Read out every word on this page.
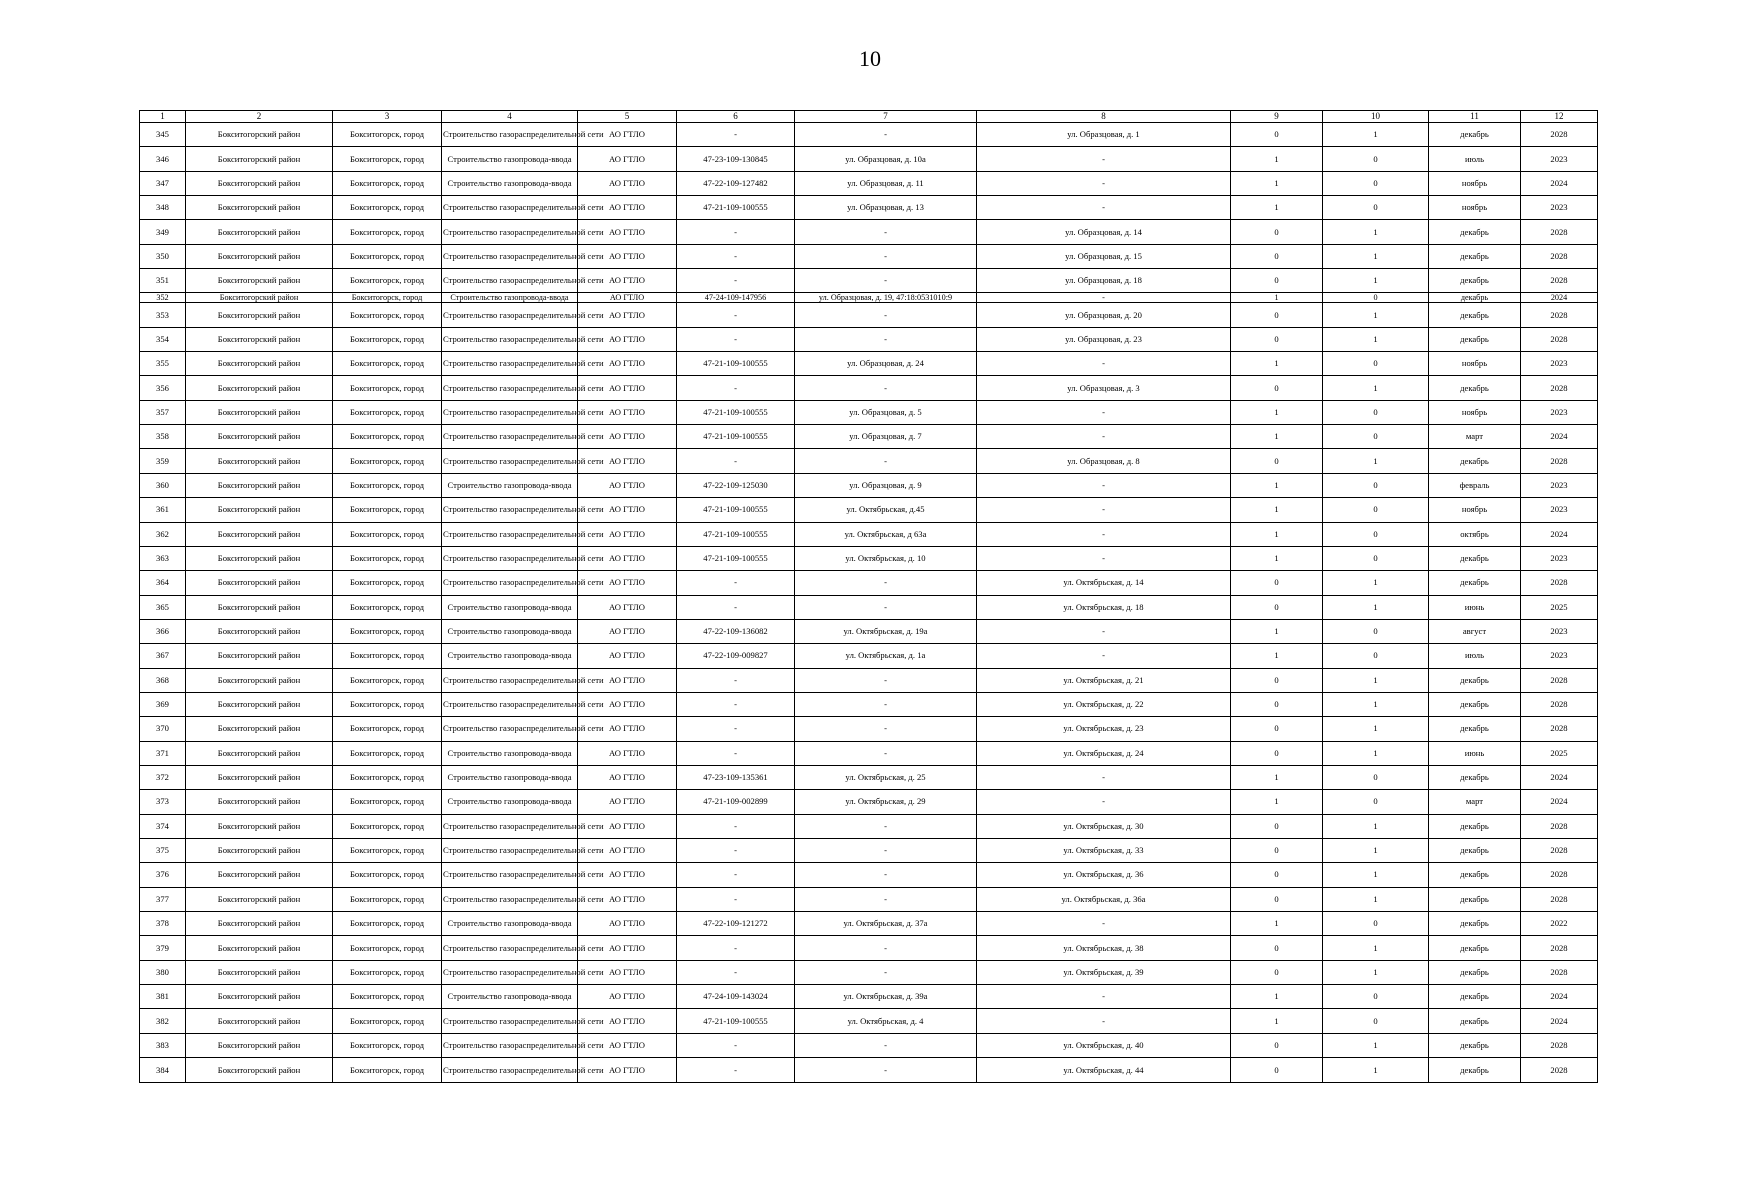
10
1	2	3	4	5	6	7	8	9	10	11	12
345	Бокситогорский район	Бокситогорск, город	Строительство газораспределительной сети	АО ГТЛО	-	-	ул. Образцовая, д. 1	0	1	декабрь	2028
346	Бокситогорский район	Бокситогорск, город	Строительство газопровода-ввода	АО ГТЛО	47-23-109-130845	ул. Образцовая, д. 10а	-	1	0	июль	2023
347	Бокситогорский район	Бокситогорск, город	Строительство газопровода-ввода	АО ГТЛО	47-22-109-127482	ул. Образцовая, д. 11	-	1	0	ноябрь	2024
348	Бокситогорский район	Бокситогорск, город	Строительство газораспределительной сети	АО ГТЛО	47-21-109-100555	ул. Образцовая, д. 13	-	1	0	ноябрь	2023
349	Бокситогорский район	Бокситогорск, город	Строительство газораспределительной сети	АО ГТЛО	-	-	ул. Образцовая, д. 14	0	1	декабрь	2028
350	Бокситогорский район	Бокситогорск, город	Строительство газораспределительной сети	АО ГТЛО	-	-	ул. Образцовая, д. 15	0	1	декабрь	2028
351	Бокситогорский район	Бокситогорск, город	Строительство газораспределительной сети	АО ГТЛО	-	-	ул. Образцовая, д. 18	0	1	декабрь	2028
352	Бокситогорский район	Бокситогорск, город	Строительство газопровода-ввода	АО ГТЛО	47-24-109-147956	ул. Образцовая, д. 19, 47:18:0531010:9	-	1	0	декабрь	2024
353	Бокситогорский район	Бокситогорск, город	Строительство газораспределительной сети	АО ГТЛО	-	-	ул. Образцовая, д. 20	0	1	декабрь	2028
354	Бокситогорский район	Бокситогорск, город	Строительство газораспределительной сети	АО ГТЛО	-	-	ул. Образцовая, д. 23	0	1	декабрь	2028
355	Бокситогорский район	Бокситогорск, город	Строительство газораспределительной сети	АО ГТЛО	47-21-109-100555	ул. Образцовая, д. 24	-	1	0	ноябрь	2023
356	Бокситогорский район	Бокситогорск, город	Строительство газораспределительной сети	АО ГТЛО	-	-	ул. Образцовая, д. 3	0	1	декабрь	2028
357	Бокситогорский район	Бокситогорск, город	Строительство газораспределительной сети	АО ГТЛО	47-21-109-100555	ул. Образцовая, д. 5	-	1	0	ноябрь	2023
358	Бокситогорский район	Бокситогорск, город	Строительство газораспределительной сети	АО ГТЛО	47-21-109-100555	ул. Образцовая, д. 7	-	1	0	март	2024
359	Бокситогорский район	Бокситогорск, город	Строительство газораспределительной сети	АО ГТЛО	-	-	ул. Образцовая, д. 8	0	1	декабрь	2028
360	Бокситогорский район	Бокситогорск, город	Строительство газопровода-ввода	АО ГТЛО	47-22-109-125030	ул. Образцовая, д. 9	-	1	0	февраль	2023
361	Бокситогорский район	Бокситогорск, город	Строительство газораспределительной сети	АО ГТЛО	47-21-109-100555	ул. Октябрьская, д.45	-	1	0	ноябрь	2023
362	Бокситогорский район	Бокситогорск, город	Строительство газораспределительной сети	АО ГТЛО	47-21-109-100555	ул. Октябрьская, д 63а	-	1	0	октябрь	2024
363	Бокситогорский район	Бокситогорск, город	Строительство газораспределительной сети	АО ГТЛО	47-21-109-100555	ул. Октябрьская, д. 10	-	1	0	декабрь	2023
364	Бокситогорский район	Бокситогорск, город	Строительство газораспределительной сети	АО ГТЛО	-	-	ул. Октябрьская, д. 14	0	1	декабрь	2028
365	Бокситогорский район	Бокситогорск, город	Строительство газопровода-ввода	АО ГТЛО	-	-	ул. Октябрьская, д. 18	0	1	июнь	2025
366	Бокситогорский район	Бокситогорск, город	Строительство газопровода-ввода	АО ГТЛО	47-22-109-136082	ул. Октябрьская, д. 19а	-	1	0	август	2023
367	Бокситогорский район	Бокситогорск, город	Строительство газопровода-ввода	АО ГТЛО	47-22-109-009827	ул. Октябрьская, д. 1а	-	1	0	июль	2023
368	Бокситогорский район	Бокситогорск, город	Строительство газораспределительной сети	АО ГТЛО	-	-	ул. Октябрьская, д. 21	0	1	декабрь	2028
369	Бокситогорский район	Бокситогорск, город	Строительство газораспределительной сети	АО ГТЛО	-	-	ул. Октябрьская, д. 22	0	1	декабрь	2028
370	Бокситогорский район	Бокситогорск, город	Строительство газораспределительной сети	АО ГТЛО	-	-	ул. Октябрьская, д. 23	0	1	декабрь	2028
371	Бокситогорский район	Бокситогорск, город	Строительство газопровода-ввода	АО ГТЛО	-	-	ул. Октябрьская, д. 24	0	1	июнь	2025
372	Бокситогорский район	Бокситогорск, город	Строительство газопровода-ввода	АО ГТЛО	47-23-109-135361	ул. Октябрьская, д. 25	-	1	0	декабрь	2024
373	Бокситогорский район	Бокситогорск, город	Строительство газопровода-ввода	АО ГТЛО	47-21-109-002899	ул. Октябрьская, д. 29	-	1	0	март	2024
374	Бокситогорский район	Бокситогорск, город	Строительство газораспределительной сети	АО ГТЛО	-	-	ул. Октябрьская, д. 30	0	1	декабрь	2028
375	Бокситогорский район	Бокситогорск, город	Строительство газораспределительной сети	АО ГТЛО	-	-	ул. Октябрьская, д. 33	0	1	декабрь	2028
376	Бокситогорский район	Бокситогорск, город	Строительство газораспределительной сети	АО ГТЛО	-	-	ул. Октябрьская, д. 36	0	1	декабрь	2028
377	Бокситогорский район	Бокситогорск, город	Строительство газораспределительной сети	АО ГТЛО	-	-	ул. Октябрьская, д. 36а	0	1	декабрь	2028
378	Бокситогорский район	Бокситогорск, город	Строительство газопровода-ввода	АО ГТЛО	47-22-109-121272	ул. Октябрьская, д. 37а	-	1	0	декабрь	2022
379	Бокситогорский район	Бокситогорск, город	Строительство газораспределительной сети	АО ГТЛО	-	-	ул. Октябрьская, д. 38	0	1	декабрь	2028
380	Бокситогорский район	Бокситогорск, город	Строительство газораспределительной сети	АО ГТЛО	-	-	ул. Октябрьская, д. 39	0	1	декабрь	2028
381	Бокситогорский район	Бокситогорск, город	Строительство газопровода-ввода	АО ГТЛО	47-24-109-143024	ул. Октябрьская, д. 39а	-	1	0	декабрь	2024
382	Бокситогорский район	Бокситогорск, город	Строительство газораспределительной сети	АО ГТЛО	47-21-109-100555	ул. Октябрьская, д. 4	-	1	0	декабрь	2024
383	Бокситогорский район	Бокситогорск, город	Строительство газораспределительной сети	АО ГТЛО	-	-	ул. Октябрьская, д. 40	0	1	декабрь	2028
384	Бокситогорский район	Бокситогорск, город	Строительство газораспределительной сети	АО ГТЛО	-	-	ул. Октябрьская, д. 44	0	1	декабрь	2028
